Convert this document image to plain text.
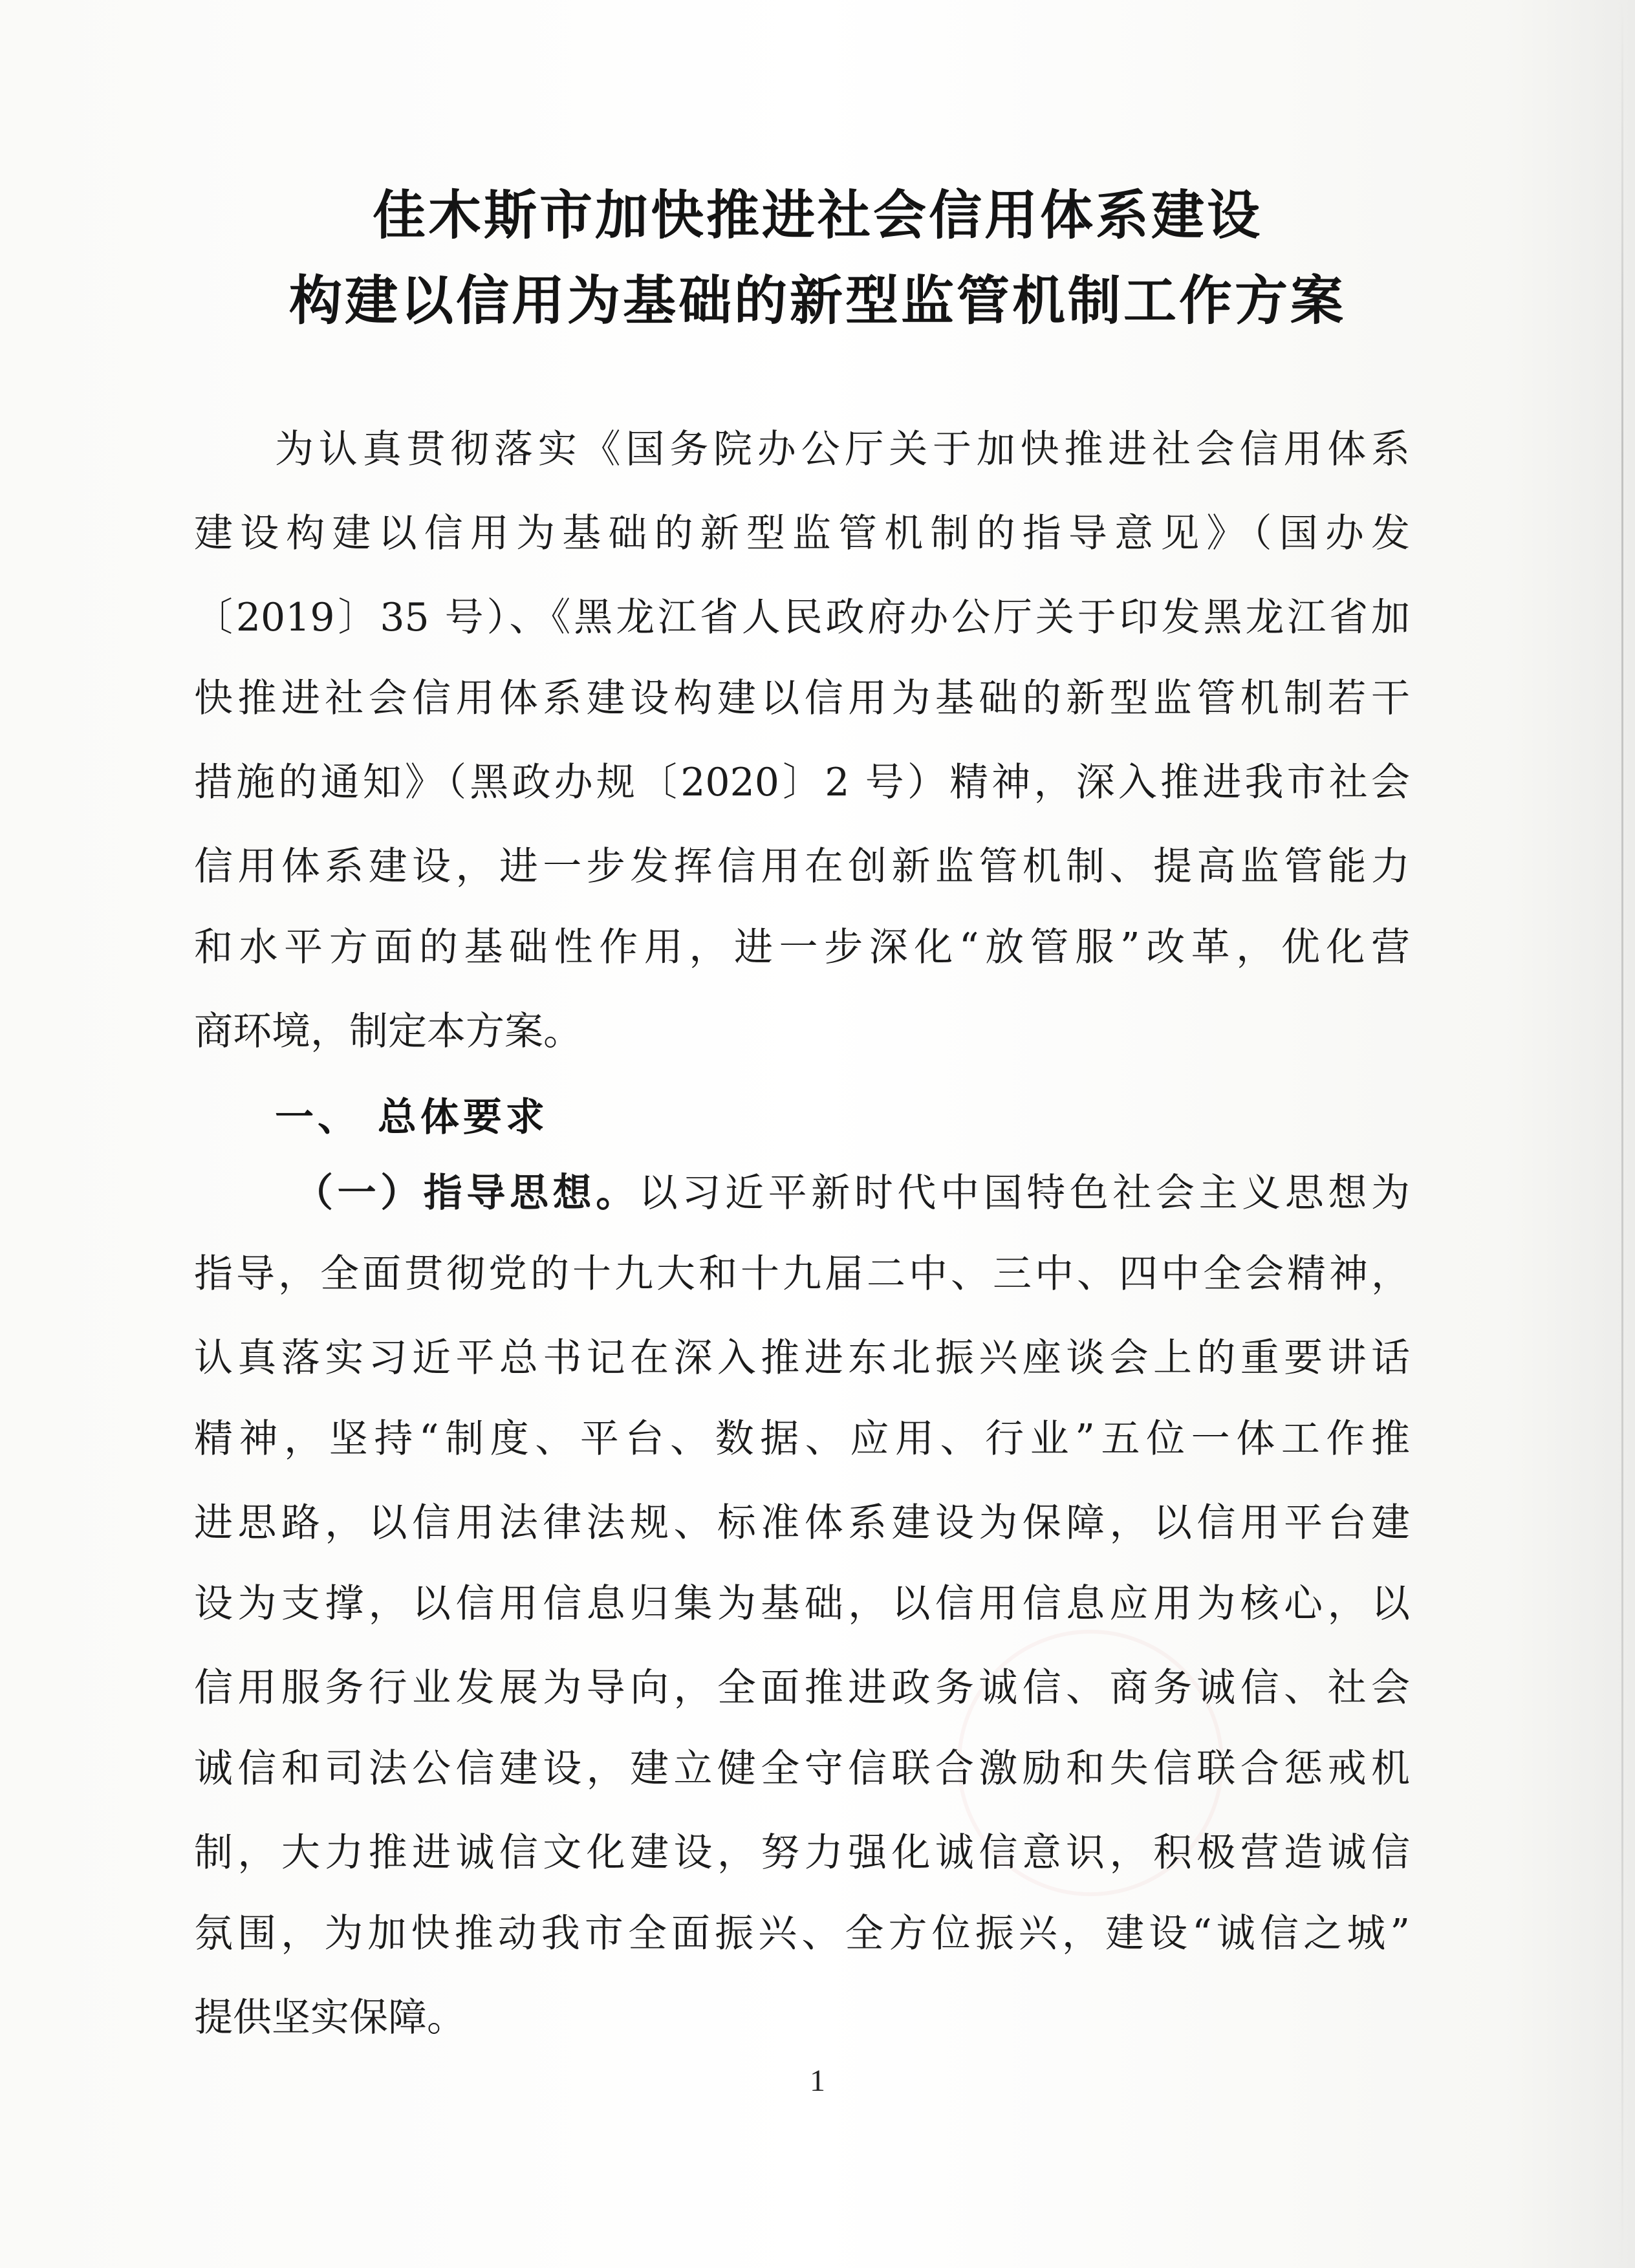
佳木斯市加快推进社会信用体系建设
构建以信用为基础的新型监管机制工作方案
为认真贯彻落实《国务院办公厅关于加快推进社会信用体系
建设构建以信用为基础的新型监管机制的指导意见》（国办发
〔2019〕35 号）、《黑龙江省人民政府办公厅关于印发黑龙江省加
快推进社会信用体系建设构建以信用为基础的新型监管机制若干
措施的通知》（黑政办规〔2020〕2 号）精神，深入推进我市社会
信用体系建设，进一步发挥信用在创新监管机制、提高监管能力
和水平方面的基础性作用，进一步深化“放管服”改革，优化营
商环境，制定本方案。
一、 总体要求
（一）指导思想。以习近平新时代中国特色社会主义思想为
指导，全面贯彻党的十九大和十九届二中、三中、四中全会精神，
认真落实习近平总书记在深入推进东北振兴座谈会上的重要讲话
精神，坚持“制度、平台、数据、应用、行业”五位一体工作推
进思路，以信用法律法规、标准体系建设为保障，以信用平台建
设为支撑，以信用信息归集为基础，以信用信息应用为核心，以
信用服务行业发展为导向，全面推进政务诚信、商务诚信、社会
诚信和司法公信建设，建立健全守信联合激励和失信联合惩戒机
制，大力推进诚信文化建设，努力强化诚信意识，积极营造诚信
氛围，为加快推动我市全面振兴、全方位振兴，建设“诚信之城”
提供坚实保障。
1
